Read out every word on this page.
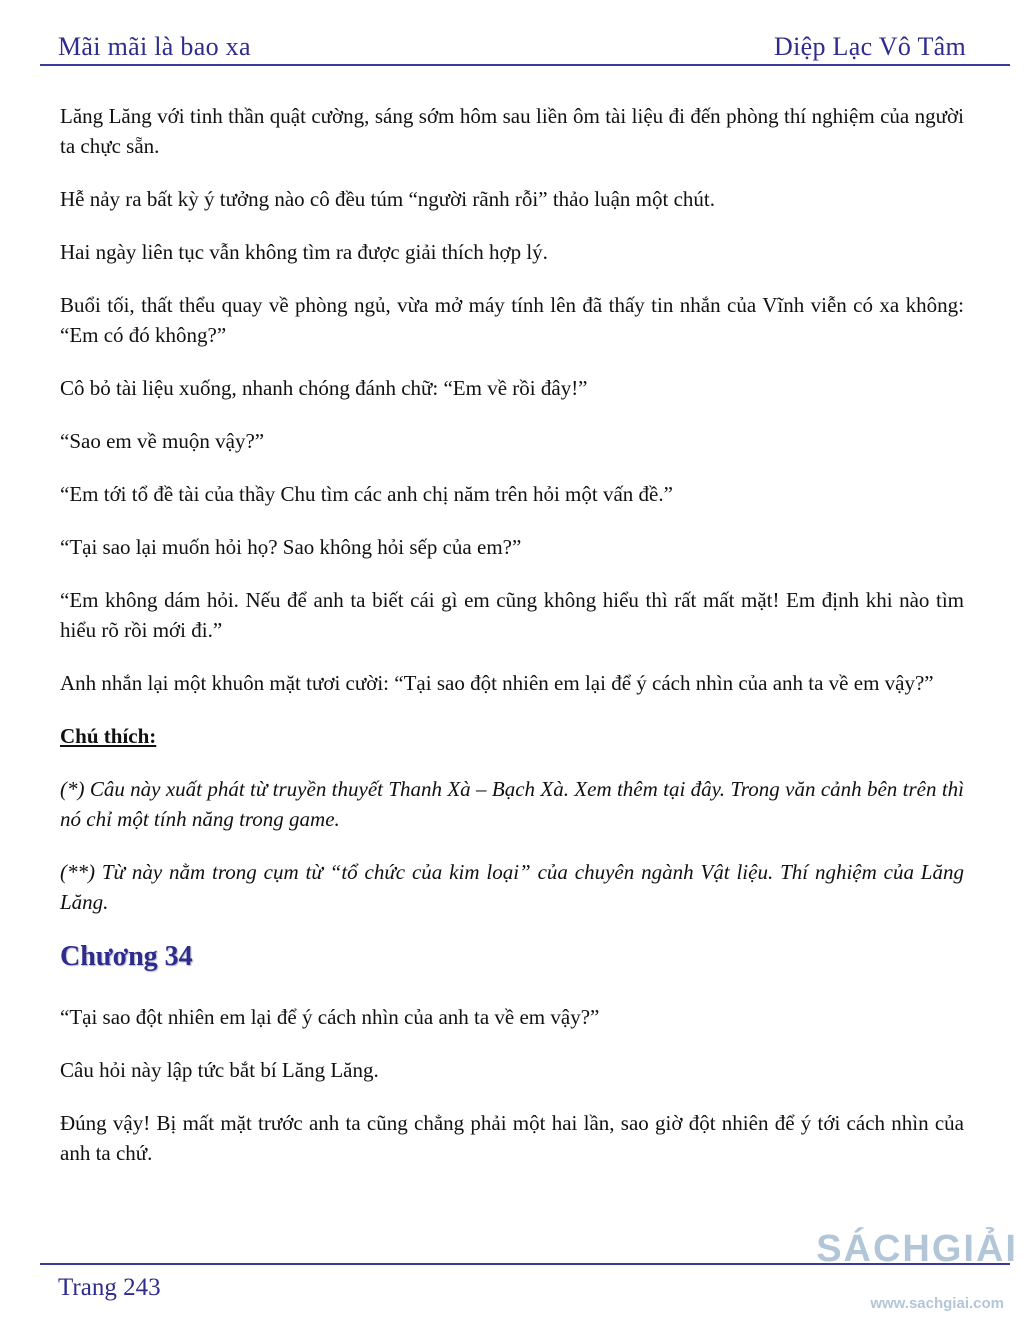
Mãi mãi là bao xa	Diệp Lạc Vô Tâm

Lăng Lăng với tinh thần quật cường, sáng sớm hôm sau liền ôm tài liệu đi đến phòng thí nghiệm của người ta chực sẵn.

Hễ nảy ra bất kỳ ý tưởng nào cô đều túm “người rãnh rỗi” thảo luận một chút.

Hai ngày liên tục vẫn không tìm ra được giải thích hợp lý.

Buổi tối, thất thểu quay về phòng ngủ, vừa mở máy tính lên đã thấy tin nhắn của Vĩnh viễn có xa không: “Em có đó không?”

Cô bỏ tài liệu xuống, nhanh chóng đánh chữ: “Em về rồi đây!”

“Sao em về muộn vậy?”

“Em tới tổ đề tài của thầy Chu tìm các anh chị năm trên hỏi một vấn đề.”

“Tại sao lại muốn hỏi họ? Sao không hỏi sếp của em?”

“Em không dám hỏi. Nếu để anh ta biết cái gì em cũng không hiểu thì rất mất mặt! Em định khi nào tìm hiểu rõ rồi mới đi.”

Anh nhắn lại một khuôn mặt tươi cười: “Tại sao đột nhiên em lại để ý cách nhìn của anh ta về em vậy?”

Chú thích:

(*) Câu này xuất phát từ truyền thuyết Thanh Xà – Bạch Xà. Xem thêm tại đây. Trong văn cảnh bên trên thì nó chỉ một tính năng trong game.

(**) Từ này nằm trong cụm từ “tổ chức của kim loại” của chuyên ngành Vật liệu. Thí nghiệm của Lăng Lăng.

Chương 34

“Tại sao đột nhiên em lại để ý cách nhìn của anh ta về em vậy?”

Câu hỏi này lập tức bắt bí Lăng Lăng.

Đúng vậy! Bị mất mặt trước anh ta cũng chẳng phải một hai lần, sao giờ đột nhiên để ý tới cách nhìn của anh ta chứ.

Trang 243
SÁCHGIẢI
www.sachgiai.com
